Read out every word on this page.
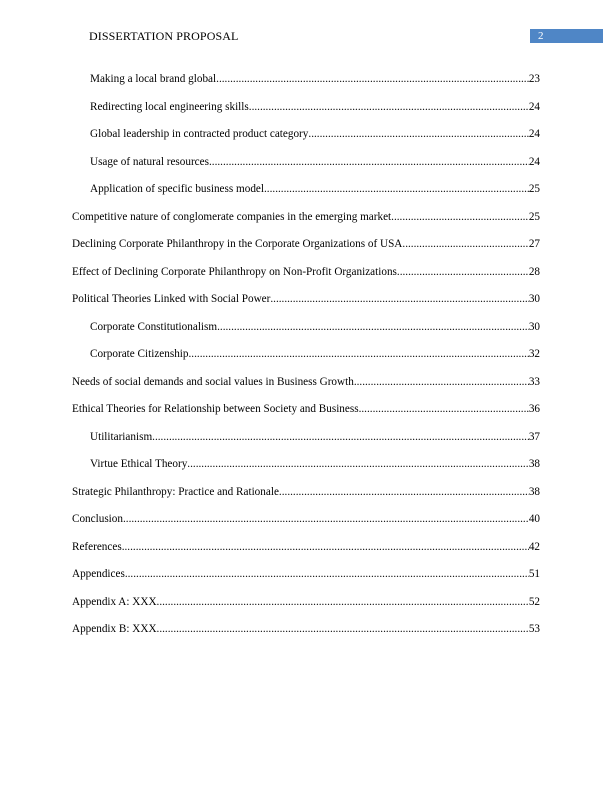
DISSERTATION PROPOSAL	2
Making a local brand global .....	23
Redirecting local engineering skills .....	24
Global leadership in contracted product category .....	24
Usage of natural resources .....	24
Application of specific business model .....	25
Competitive nature of conglomerate companies in the emerging market .....	25
Declining Corporate Philanthropy in the Corporate Organizations of USA .....	27
Effect of Declining Corporate Philanthropy on Non-Profit Organizations .....	28
Political Theories Linked with Social Power .....	30
Corporate Constitutionalism .....	30
Corporate Citizenship .....	32
Needs of social demands and social values in Business Growth .....	33
Ethical Theories for Relationship between Society and Business .....	36
Utilitarianism .....	37
Virtue Ethical Theory .....	38
Strategic Philanthropy: Practice and Rationale .....	38
Conclusion .....	40
References .....	42
Appendices .....	51
Appendix A: XXX .....	52
Appendix B: XXX .....	53
